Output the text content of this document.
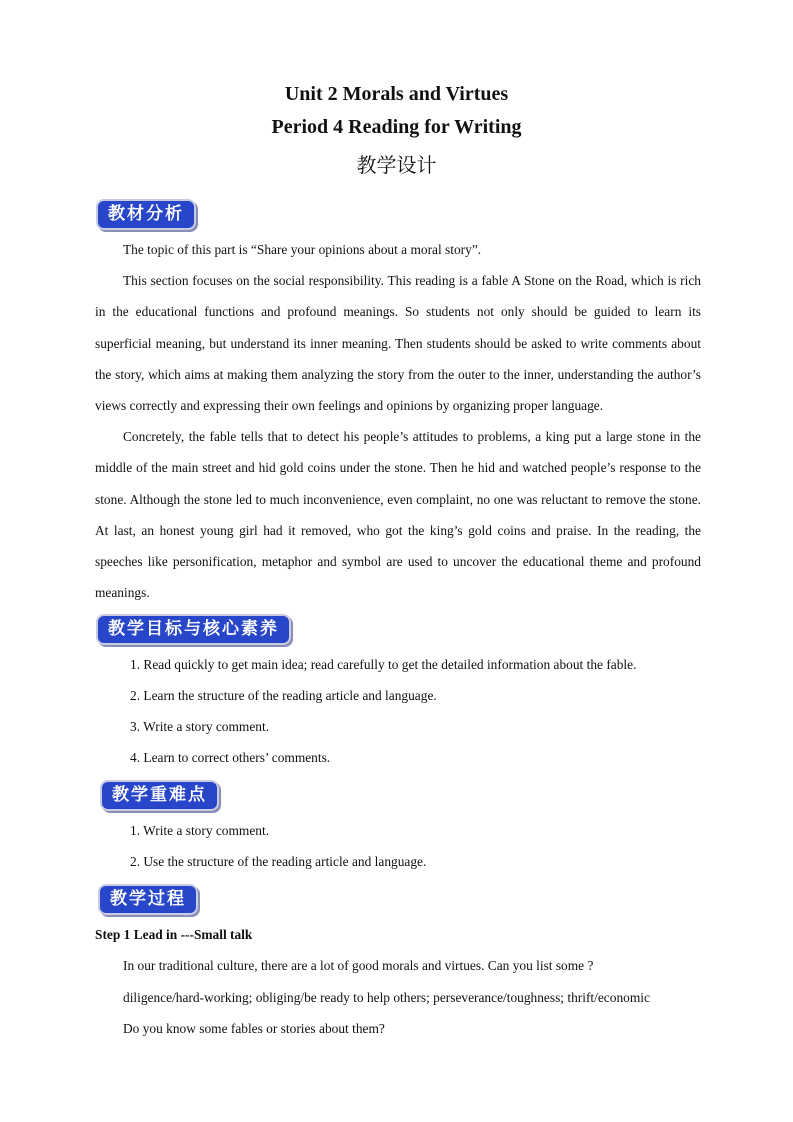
Unit 2 Morals and Virtues
Period 4 Reading for Writing
教学设计
教材分析

The topic of this part is “Share your opinions about a moral story”.

This section focuses on the social responsibility. This reading is a fable A Stone on the Road, which is rich in the educational functions and profound meanings. So students not only should be guided to learn its superficial meaning, but understand its inner meaning. Then students should be asked to write comments about the story, which aims at making them analyzing the story from the outer to the inner, understanding the author’s views correctly and expressing their own feelings and opinions by organizing proper language.

Concretely, the fable tells that to detect his people’s attitudes to problems, a king put a large stone in the middle of the main street and hid gold coins under the stone. Then he hid and watched people’s response to the stone. Although the stone led to much inconvenience, even complaint, no one was reluctant to remove the stone. At last, an honest young girl had it removed, who got the king’s gold coins and praise. In the reading, the speeches like personification, metaphor and symbol are used to uncover the educational theme and profound meanings.

教学目标与核心素养
1. Read quickly to get main idea; read carefully to get the detailed information about the fable.
2. Learn the structure of the reading article and language.
3. Write a story comment.
4. Learn to correct others’ comments.
教学重难点
1. Write a story comment.
2. Use the structure of the reading article and language.
教学过程
Step 1 Lead in ---Small talk
In our traditional culture, there are a lot of good morals and virtues. Can you list some ?
diligence/hard-working; obliging/be ready to help others; perseverance/toughness; thrift/economic
Do you know some fables or stories about them?
